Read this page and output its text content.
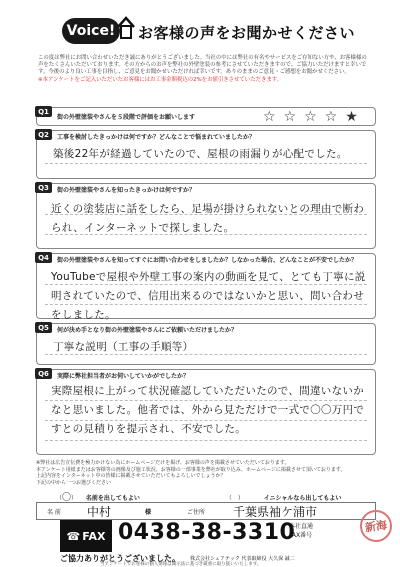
Voice!	お客様の声をお聞かせください
この度は弊社にお問い合わせいただき誠にありがとうございました。当社の中には弊社の有名やサービスをご存知ない方や、お客様様の声をたくさんいただいております。その方からのお声を弊社の外壁塗装の参考にさせていただきますので、ご協力いただけますと幸いです。今後のより良い工事を目指し、ご意見をお聞かせいただければ幸いです。ありのままのご意見・ご感想をお聞かせください。
※本アンケートをご記入いただいたお客様にはお工事金額税込の2%をお値引きさせていただきます。
Q1
街の外壁塗装やさんを５段階で評価をお願いします	☆☆☆☆★
Q2	工事を検討したきっかけは何ですか？どんなことで悩まれていましたか？
築後22年が経過していたので、屋根の雨漏りが心配でした。
Q3	街の外壁塗装やさんを知ったきっかけは何ですか？
近くの塗装店に話をしたら、足場が掛けられないとの理由で断わられ、インターネットで探しました。
Q4	街の外壁塗装やさんを知ってすぐにお問い合わせをしましたか？しなかった場合、どんなことが不安でしたか？
YouTubeで屋根や外壁工事の案内の動画を見て、とても丁寧に説明されていたので、信用出来るのではないかと思い、問い合わせをしました。
Q5	何が決め手となり街の外壁塗装やさんにご依頼いただけましたか？
丁寧な説明（工事の手順等）
Q6	実際に弊社担当者がお伺いしていかがでしたか？
実際屋根に上がって状況確認していただいたので、間違いないかなと思いました。他者では、外から見ただけで一式で〇〇万円ですとの見積りを提示され、不安でした。
※弊社は広告宣伝費を極力かけない為にホームページだけを掲げ、お客様の声を掲載させていただいております。
本アンケート用紙またはお客様等の画像及び施工状況、お客様の一部事業を弊社が取り込み、ホームページに掲載させて頂いております。
上記内容をインターネット中の皆様に掲載させていただいてもよろしいでしょうか？
下記の中から一つお選びください
（〇） 名前を出してもよい	（　）	イニシャルなら出してもよい
名 前 中村	様	ご住所 千葉県袖ケ浦市
☎ FAX 0438-38-3310
本社直通
FAX番号
新海
ご協力ありがとうございました。 株式会社シェアテック 代表取締役 大久保 誠二
当アンケートでお客様の個人情報は開示法に基づき厳重に取り扱いいたします。
